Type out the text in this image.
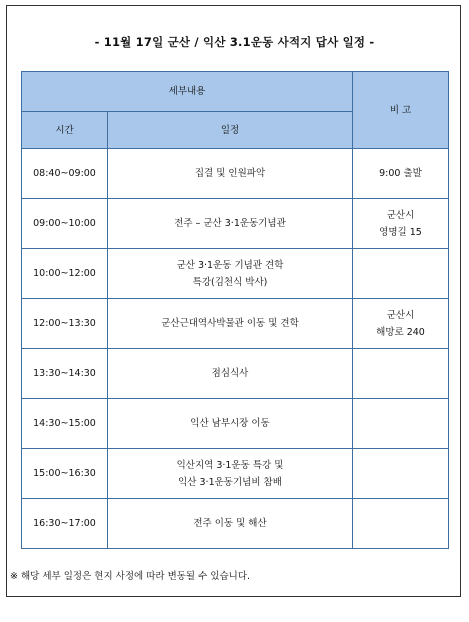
- 11월 17일 군산 / 익산 3.1운동 사적지 답사 일정 -
세부내용		비 고
시간	일정	
08:40~09:00	집결 및 인원파악	9:00 출발

09:00~10:00	전주 – 군산 3·1운동기념관	군산시
영명길 15

10:00~12:00	군산 3·1운동 기념관 견학
특강(김천식 박사)	

12:00~13:30	군산근대역사박물관 이동 및 견학	군산시
해망로 240

13:30~14:30	점심식사	

14:30~15:00	익산 남부시장 이동	

15:00~16:30	익산지역 3·1운동 특강 및
익산 3·1운동기념비 참배	

16:30~17:00	전주 이동 및 해산	

※ 해당 세부 일정은 현지 사정에 따라 변동될 수 있습니다.
